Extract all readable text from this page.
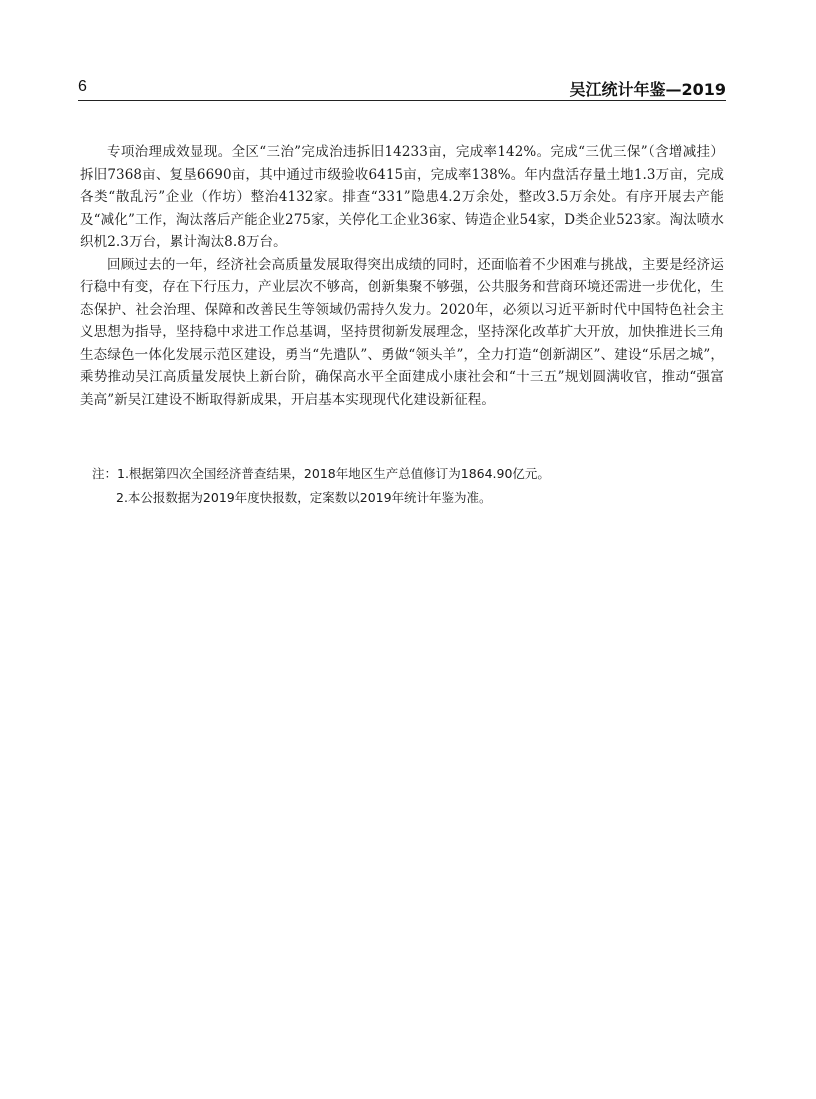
6	吴江统计年鉴—2019

专项治理成效显现。全区“三治”完成治违拆旧14233亩，完成率142%。完成“三优三保”（含增减挂）拆旧7368亩、复垦6690亩，其中通过市级验收6415亩，完成率138%。年内盘活存量土地1.3万亩，完成各类“散乱污”企业（作坊）整治4132家。排查“331”隐患4.2万余处，整改3.5万余处。有序开展去产能及“减化”工作，淘汰落后产能企业275家，关停化工企业36家、铸造企业54家，D类企业523家。淘汰喷水织机2.3万台，累计淘汰8.8万台。

回顾过去的一年，经济社会高质量发展取得突出成绩的同时，还面临着不少困难与挑战，主要是经济运行稳中有变，存在下行压力，产业层次不够高，创新集聚不够强，公共服务和营商环境还需进一步优化，生态保护、社会治理、保障和改善民生等领域仍需持久发力。2020年，必须以习近平新时代中国特色社会主义思想为指导，坚持稳中求进工作总基调，坚持贯彻新发展理念，坚持深化改革扩大开放，加快推进长三角生态绿色一体化发展示范区建设，勇当“先遣队”、勇做“领头羊”，全力打造“创新湖区”、建设“乐居之城”，乘势推动吴江高质量发展快上新台阶，确保高水平全面建成小康社会和“十三五”规划圆满收官，推动“强富美高”新吴江建设不断取得新成果，开启基本实现现代化建设新征程。

注：1.根据第四次全国经济普查结果，2018年地区生产总值修订为1864.90亿元。

2.本公报数据为2019年度快报数，定案数以2019年统计年鉴为准。
